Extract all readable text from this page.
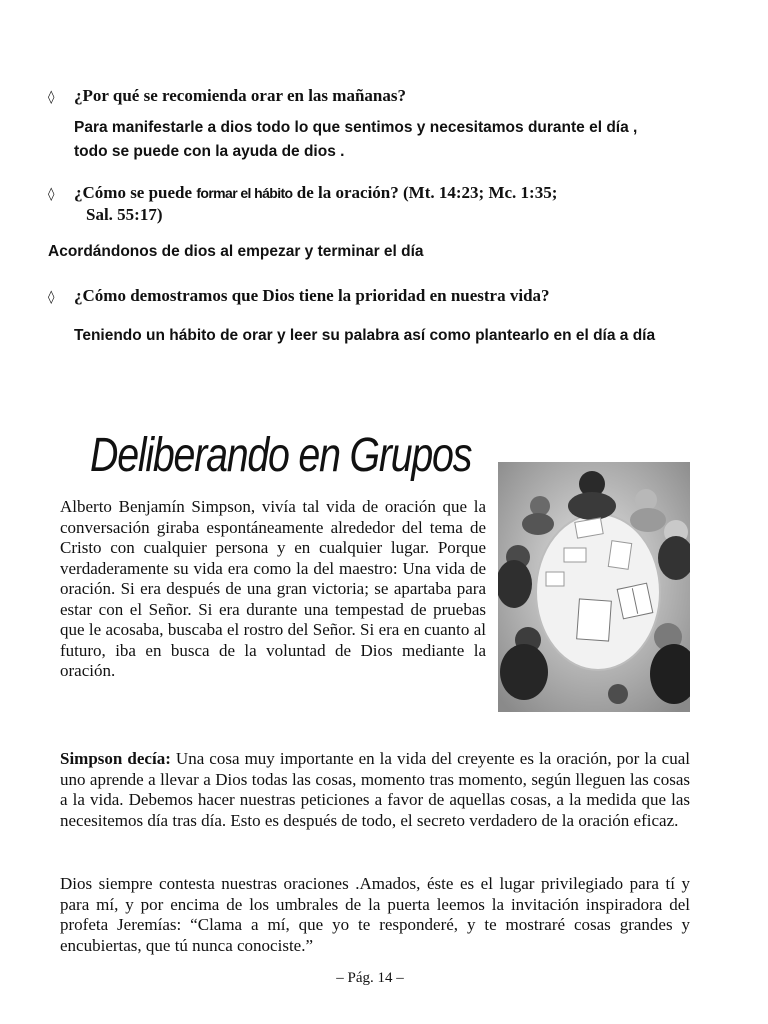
◊ ¿Por qué se recomienda orar en las mañanas?
Para manifestarle a dios todo lo que sentimos y necesitamos durante el día ,
todo se puede con la ayuda de dios .
◊ ¿Cómo se puede formar el hábito de la oración? (Mt. 14:23; Mc. 1:35;
Sal. 55:17)
Acordándonos de dios al empezar y terminar el día
◊ ¿Cómo demostramos que Dios tiene la prioridad en nuestra vida?
Teniendo un hábito de orar y leer su palabra así como plantearlo en el día a día
Deliberando en Grupos
Alberto Benjamín Simpson, vivía tal vida de oración que la conversación giraba espontáneamente alrededor del tema de Cristo con cualquier persona y en cualquier lugar. Porque verdaderamente su vida era como la del maestro: Una vida de oración. Si era después de una gran victoria; se apartaba para estar con el Señor. Si era durante una tempestad de pruebas que le acosaba, buscaba el rostro del Señor. Si era en cuanto al futuro, iba en busca de la voluntad de Dios mediante la oración.
Simpson decía: Una cosa muy importante en la vida del creyente es la oración, por la cual uno aprende a llevar a Dios todas las cosas, momento tras momento, según lleguen las cosas a la vida. Debemos hacer nuestras peticiones a favor de aquellas cosas, a la medida que las necesitemos día tras día. Esto es después de todo, el secreto verdadero de la oración eficaz.
Dios siempre contesta nuestras oraciones .Amados, éste es el lugar privilegiado para tí y para mí, y por encima de los umbrales de la puerta leemos la invitación inspiradora del profeta Jeremías: “Clama a mí, que yo te responderé, y te mostraré cosas grandes y encubiertas, que tú nunca conociste.”
– Pág. 14 –
